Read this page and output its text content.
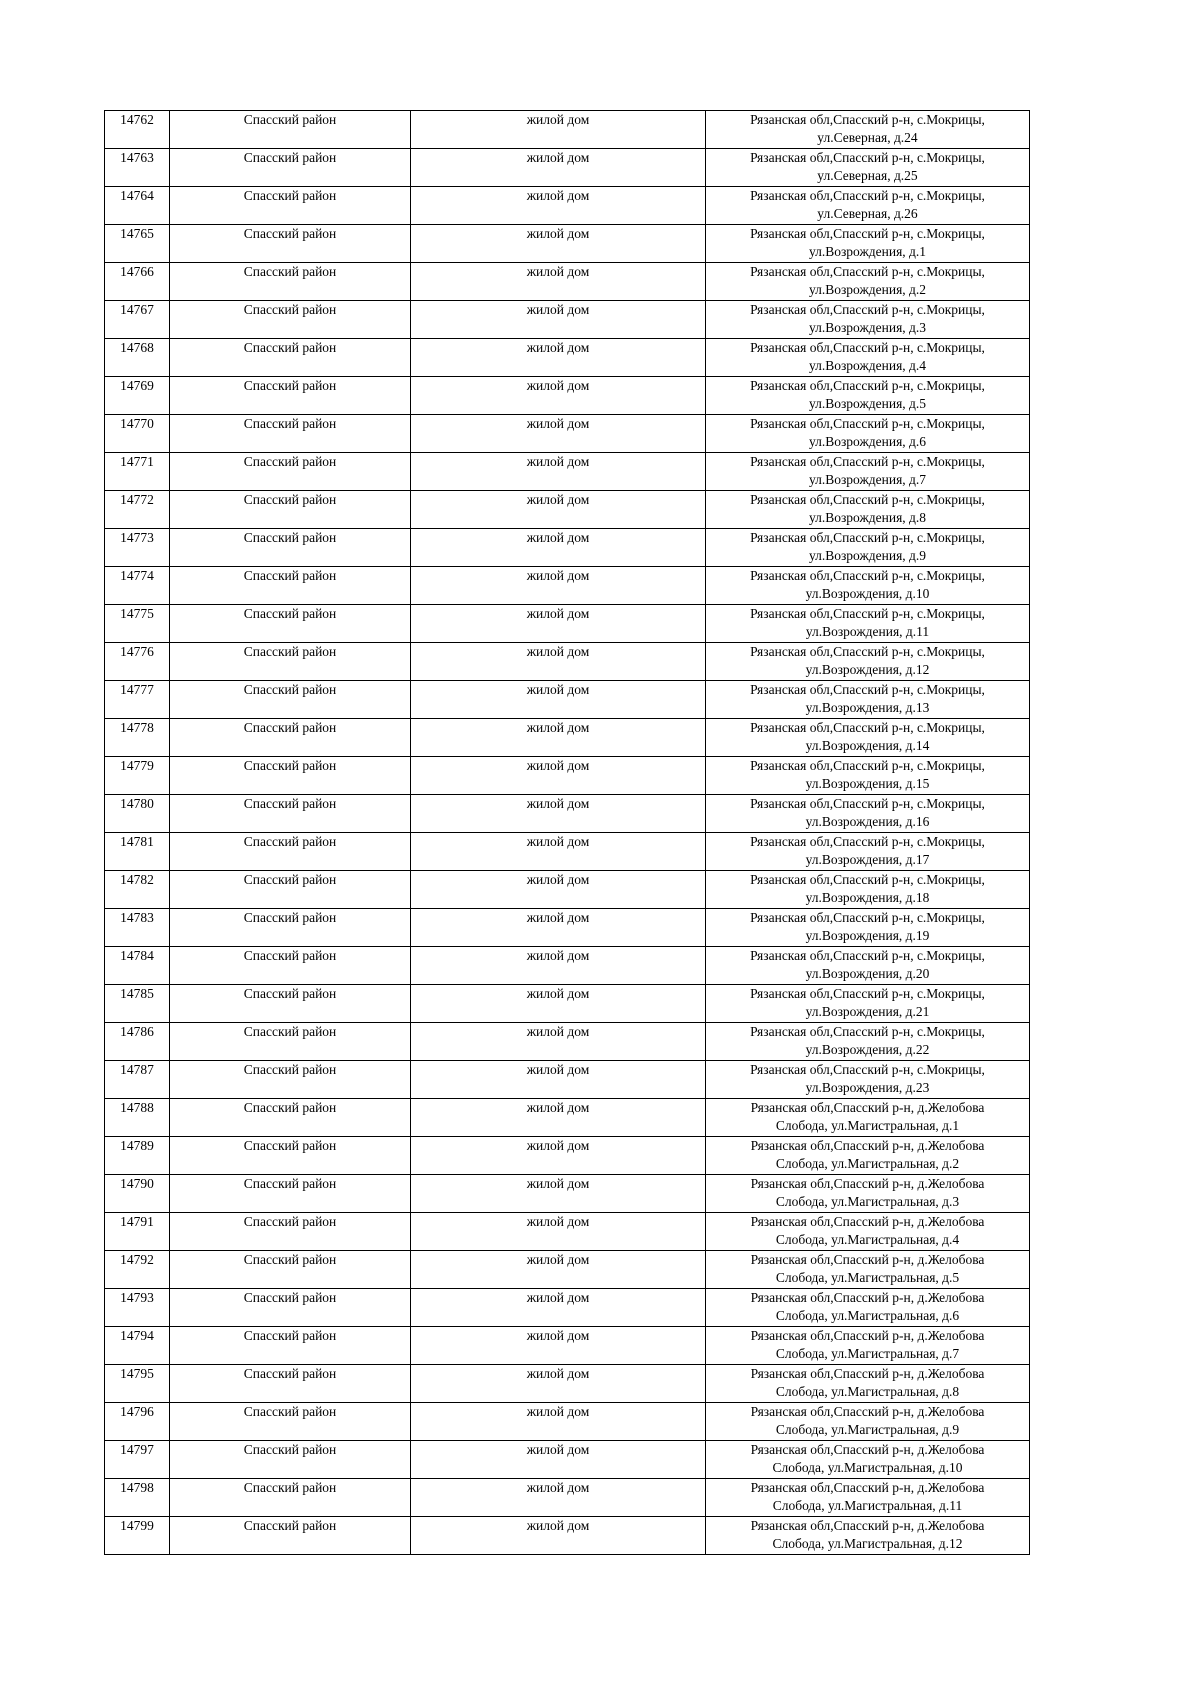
14762	Спасский район	жилой дом	Рязанская обл,Спасский р-н, с.Мокрицы,
ул.Северная, д.24

14763	Спасский район	жилой дом	Рязанская обл,Спасский р-н, с.Мокрицы,
ул.Северная, д.25

14764	Спасский район	жилой дом	Рязанская обл,Спасский р-н, с.Мокрицы,
ул.Северная, д.26

14765	Спасский район	жилой дом	Рязанская обл,Спасский р-н, с.Мокрицы,
ул.Возрождения, д.1

14766	Спасский район	жилой дом	Рязанская обл,Спасский р-н, с.Мокрицы,
ул.Возрождения, д.2

14767	Спасский район	жилой дом	Рязанская обл,Спасский р-н, с.Мокрицы,
ул.Возрождения, д.3

14768	Спасский район	жилой дом	Рязанская обл,Спасский р-н, с.Мокрицы,
ул.Возрождения, д.4

14769	Спасский район	жилой дом	Рязанская обл,Спасский р-н, с.Мокрицы,
ул.Возрождения, д.5

14770	Спасский район	жилой дом	Рязанская обл,Спасский р-н, с.Мокрицы,
ул.Возрождения, д.6

14771	Спасский район	жилой дом	Рязанская обл,Спасский р-н, с.Мокрицы,
ул.Возрождения, д.7

14772	Спасский район	жилой дом	Рязанская обл,Спасский р-н, с.Мокрицы,
ул.Возрождения, д.8

14773	Спасский район	жилой дом	Рязанская обл,Спасский р-н, с.Мокрицы,
ул.Возрождения, д.9

14774	Спасский район	жилой дом	Рязанская обл,Спасский р-н, с.Мокрицы,
ул.Возрождения, д.10

14775	Спасский район	жилой дом	Рязанская обл,Спасский р-н, с.Мокрицы,
ул.Возрождения, д.11

14776	Спасский район	жилой дом	Рязанская обл,Спасский р-н, с.Мокрицы,
ул.Возрождения, д.12

14777	Спасский район	жилой дом	Рязанская обл,Спасский р-н, с.Мокрицы,
ул.Возрождения, д.13

14778	Спасский район	жилой дом	Рязанская обл,Спасский р-н, с.Мокрицы,
ул.Возрождения, д.14

14779	Спасский район	жилой дом	Рязанская обл,Спасский р-н, с.Мокрицы,
ул.Возрождения, д.15

14780	Спасский район	жилой дом	Рязанская обл,Спасский р-н, с.Мокрицы,
ул.Возрождения, д.16

14781	Спасский район	жилой дом	Рязанская обл,Спасский р-н, с.Мокрицы,
ул.Возрождения, д.17

14782	Спасский район	жилой дом	Рязанская обл,Спасский р-н, с.Мокрицы,
ул.Возрождения, д.18

14783	Спасский район	жилой дом	Рязанская обл,Спасский р-н, с.Мокрицы,
ул.Возрождения, д.19

14784	Спасский район	жилой дом	Рязанская обл,Спасский р-н, с.Мокрицы,
ул.Возрождения, д.20

14785	Спасский район	жилой дом	Рязанская обл,Спасский р-н, с.Мокрицы,
ул.Возрождения, д.21

14786	Спасский район	жилой дом	Рязанская обл,Спасский р-н, с.Мокрицы,
ул.Возрождения, д.22

14787	Спасский район	жилой дом	Рязанская обл,Спасский р-н, с.Мокрицы,
ул.Возрождения, д.23

14788	Спасский район	жилой дом	Рязанская обл,Спасский р-н, д.Желобова
Слобода, ул.Магистральная, д.1

14789	Спасский район	жилой дом	Рязанская обл,Спасский р-н, д.Желобова
Слобода, ул.Магистральная, д.2

14790	Спасский район	жилой дом	Рязанская обл,Спасский р-н, д.Желобова
Слобода, ул.Магистральная, д.3

14791	Спасский район	жилой дом	Рязанская обл,Спасский р-н, д.Желобова
Слобода, ул.Магистральная, д.4

14792	Спасский район	жилой дом	Рязанская обл,Спасский р-н, д.Желобова
Слобода, ул.Магистральная, д.5

14793	Спасский район	жилой дом	Рязанская обл,Спасский р-н, д.Желобова
Слобода, ул.Магистральная, д.6

14794	Спасский район	жилой дом	Рязанская обл,Спасский р-н, д.Желобова
Слобода, ул.Магистральная, д.7

14795	Спасский район	жилой дом	Рязанская обл,Спасский р-н, д.Желобова
Слобода, ул.Магистральная, д.8

14796	Спасский район	жилой дом	Рязанская обл,Спасский р-н, д.Желобова
Слобода, ул.Магистральная, д.9

14797	Спасский район	жилой дом	Рязанская обл,Спасский р-н, д.Желобова
Слобода, ул.Магистральная, д.10

14798	Спасский район	жилой дом	Рязанская обл,Спасский р-н, д.Желобова
Слобода, ул.Магистральная, д.11

14799	Спасский район	жилой дом	Рязанская обл,Спасский р-н, д.Желобова
Слобода, ул.Магистральная, д.12
